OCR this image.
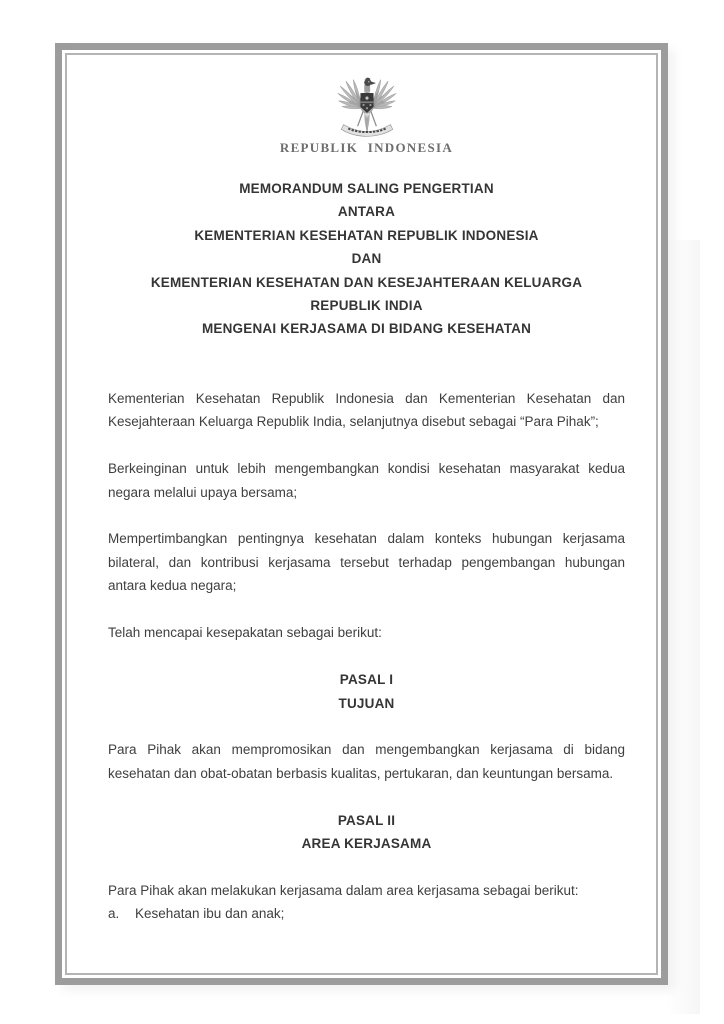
REPUBLIK INDONESIA
MEMORANDUM SALING PENGERTIAN
ANTARA
KEMENTERIAN KESEHATAN REPUBLIK INDONESIA
DAN
KEMENTERIAN KESEHATAN DAN KESEJAHTERAAN KELUARGA
REPUBLIK INDIA
MENGENAI KERJASAMA DI BIDANG KESEHATAN

Kementerian Kesehatan Republik Indonesia dan Kementerian Kesehatan dan Kesejahteraan Keluarga Republik India, selanjutnya disebut sebagai “Para Pihak”;

Berkeinginan untuk lebih mengembangkan kondisi kesehatan masyarakat kedua negara melalui upaya bersama;

Mempertimbangkan pentingnya kesehatan dalam konteks hubungan kerjasama bilateral, dan kontribusi kerjasama tersebut terhadap pengembangan hubungan antara kedua negara;

Telah mencapai kesepakatan sebagai berikut:

PASAL I
TUJUAN

Para Pihak akan mempromosikan dan mengembangkan kerjasama di bidang kesehatan dan obat-obatan berbasis kualitas, pertukaran, dan keuntungan bersama.

PASAL II
AREA KERJASAMA

Para Pihak akan melakukan kerjasama dalam area kerjasama sebagai berikut:

a.	Kesehatan ibu dan anak;
